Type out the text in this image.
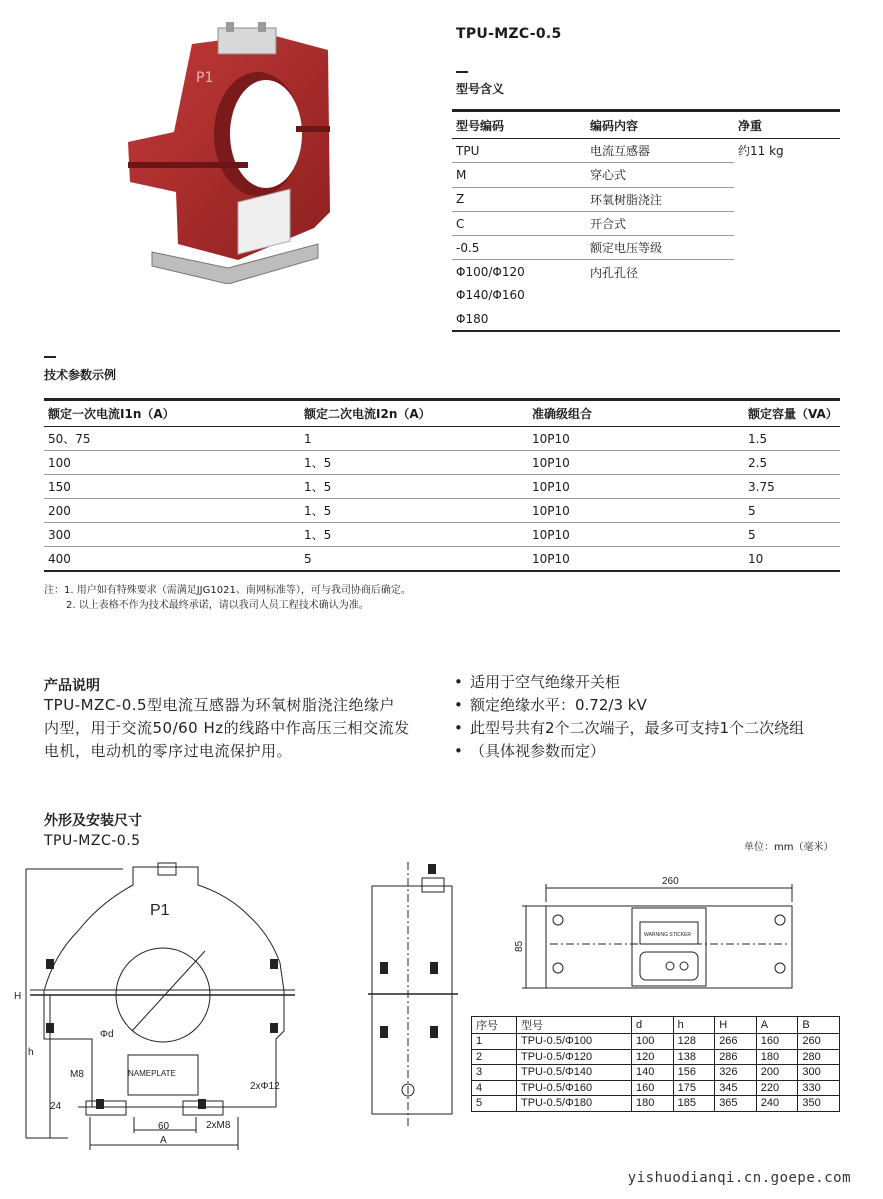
P1
TPU-MZC-0.5
型号含义
型号编码	编码内容	净重
TPU	电流互感器	约11 kg
M	穿心式	
Z	环氧树脂浇注	
C	开合式	
-0.5	额定电压等级	
Φ100/Φ120	内孔孔径	
Φ140/Φ160		
Φ180		
技术参数示例
额定一次电流I1n（A）	额定二次电流I2n（A）	准确级组合	额定容量（VA）
50、75	1	10P10	1.5
100	1、5	10P10	2.5
150	1、5	10P10	3.75
200	1、5	10P10	5
300	1、5	10P10	5
400	5	10P10	10
注：1. 用户如有特殊要求（需满足JJG1021、南网标准等），可与我司协商后确定。
2. 以上表格不作为技术最终承诺，请以我司人员工程技术确认为准。
产品说明
TPU-MZC-0.5型电流互感器为环氧树脂浇注绝缘户
内型，用于交流50/60 Hz的线路中作高压三相交流发
电机，电动机的零序过电流保护用。
• 适用于空气绝缘开关柜
• 额定绝缘水平：0.72/3 kV
• 此型号共有2个二次端子，最多可支持1个二次绕组
• （具体视参数而定）
外形及安装尺寸
TPU-MZC-0.5	单位：mm（毫米）
P1
NAMEPLATE
Φd
H
h
M8
24
60
A
2xM8
2xΦ12
260
85
WARNING STICKER
序号	型号	d	h	H	A	B
1	TPU-0.5/Φ100	100	128	266	160	260
2	TPU-0.5/Φ120	120	138	286	180	280
3	TPU-0.5/Φ140	140	156	326	200	300
4	TPU-0.5/Φ160	160	175	345	220	330
5	TPU-0.5/Φ180	180	185	365	240	350
yishuodianqi.cn.goepe.com
